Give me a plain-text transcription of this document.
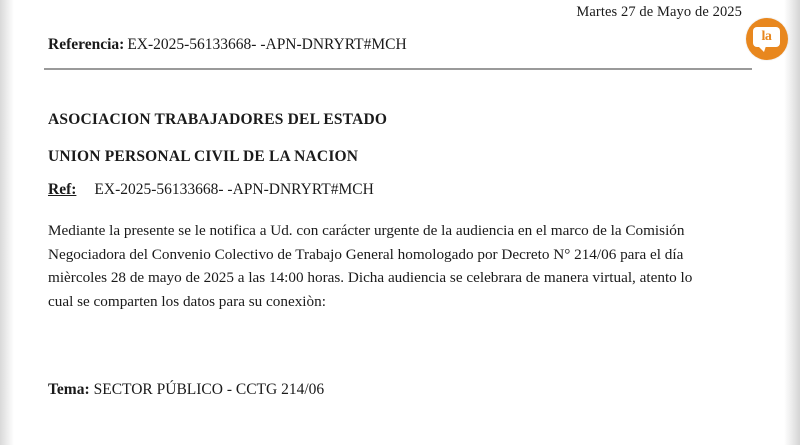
Martes 27 de Mayo de 2025
la
Referencia: EX-2025-56133668- -APN-DNRYRT#MCH
ASOCIACION TRABAJADORES DEL ESTADO
UNION PERSONAL CIVIL DE LA NACION
Ref: EX-2025-56133668- -APN-DNRYRT#MCH
Mediante la presente se le notifica a Ud. con carácter urgente de la audiencia en el marco de la Comisión Negociadora del Convenio Colectivo de Trabajo General homologado por Decreto N° 214/06 para el día mièrcoles 28 de mayo de 2025 a las 14:00 horas. Dicha audiencia se celebrara de manera virtual, atento lo cual se comparten los datos para su conexiòn:
Tema: SECTOR PÚBLICO - CCTG 214/06
